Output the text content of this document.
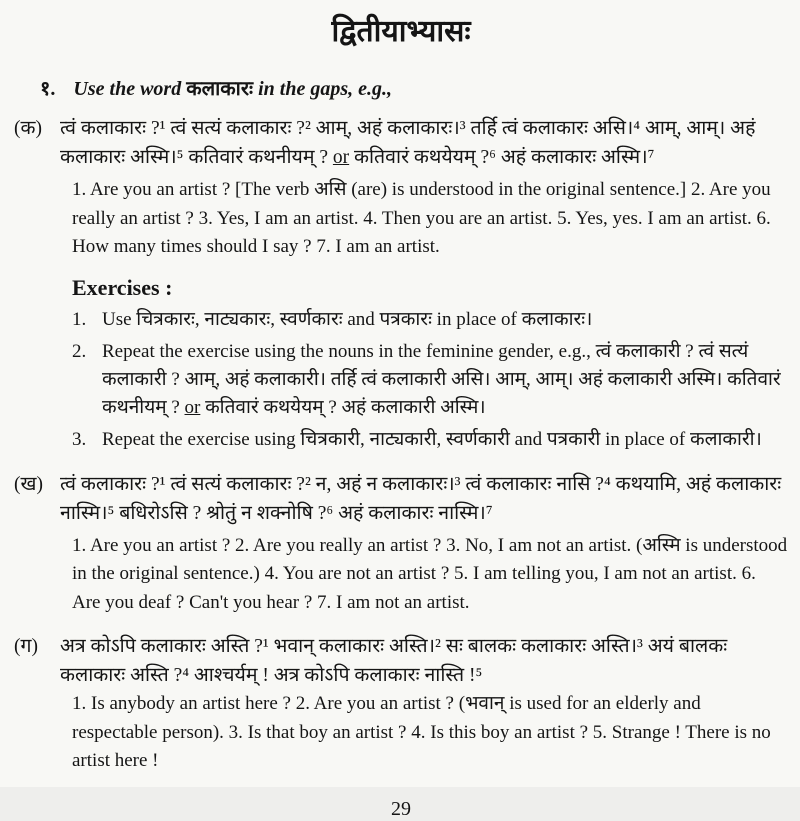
द्वितीयाभ्यासः
१. Use the word कलाकारः in the gaps, e.g.,
(क) त्वं कलाकारः ?¹ त्वं सत्यं कलाकारः ?² आम्, अहं कलाकारः।³ तर्हि त्वं कलाकारः असि।⁴ आम्, आम्। अहं कलाकारः अस्मि।⁵ कतिवारं कथनीयम् ? or कतिवारं कथयेयम् ?⁶ अहं कलाकारः अस्मि।⁷
1. Are you an artist ? [The verb असि (are) is understood in the original sentence.] 2. Are you really an artist ? 3. Yes, I am an artist. 4. Then you are an artist. 5. Yes, yes. I am an artist. 6. How many times should I say ? 7. I am an artist.
Exercises :
1. Use चित्रकारः, नाट्यकारः, स्वर्णकारः and पत्रकारः in place of कलाकारः।
2. Repeat the exercise using the nouns in the feminine gender, e.g., त्वं कलाकारी ? त्वं सत्यं कलाकारी ? आम्, अहं कलाकारी। तर्हि त्वं कलाकारी असि। आम्, आम्। अहं कलाकारी अस्मि। कतिवारं कथनीयम् ? or कतिवारं कथयेयम् ? अहं कलाकारी अस्मि।
3. Repeat the exercise using चित्रकारी, नाट्यकारी, स्वर्णकारी and पत्रकारी in place of कलाकारी।
(ख) त्वं कलाकारः ?¹ त्वं सत्यं कलाकारः ?² न, अहं न कलाकारः।³ त्वं कलाकारः नासि ?⁴ कथयामि, अहं कलाकारः नास्मि।⁵ बधिरोऽसि ? श्रोतुं न शक्नोषि ?⁶ अहं कलाकारः नास्मि।⁷
1. Are you an artist ? 2. Are you really an artist ? 3. No, I am not an artist. (अस्मि is understood in the original sentence.) 4. You are not an artist ? 5. I am telling you, I am not an artist. 6. Are you deaf ? Can't you hear ? 7. I am not an artist.
(ग)	अत्र कोऽपि कलाकारः अस्ति ?¹ भवान् कलाकारः अस्ति।² सः बालकः कलाकारः अस्ति।³ अयं बालकः कलाकारः अस्ति ?⁴ आश्चर्यम् ! अत्र कोऽपि कलाकारः नास्ति !⁵
1. Is anybody an artist here ? 2. Are you an artist ? (भवान् is used for an elderly and respectable person). 3. Is that boy an artist ? 4. Is this boy an artist ? 5. Strange ! There is no artist here !
29
